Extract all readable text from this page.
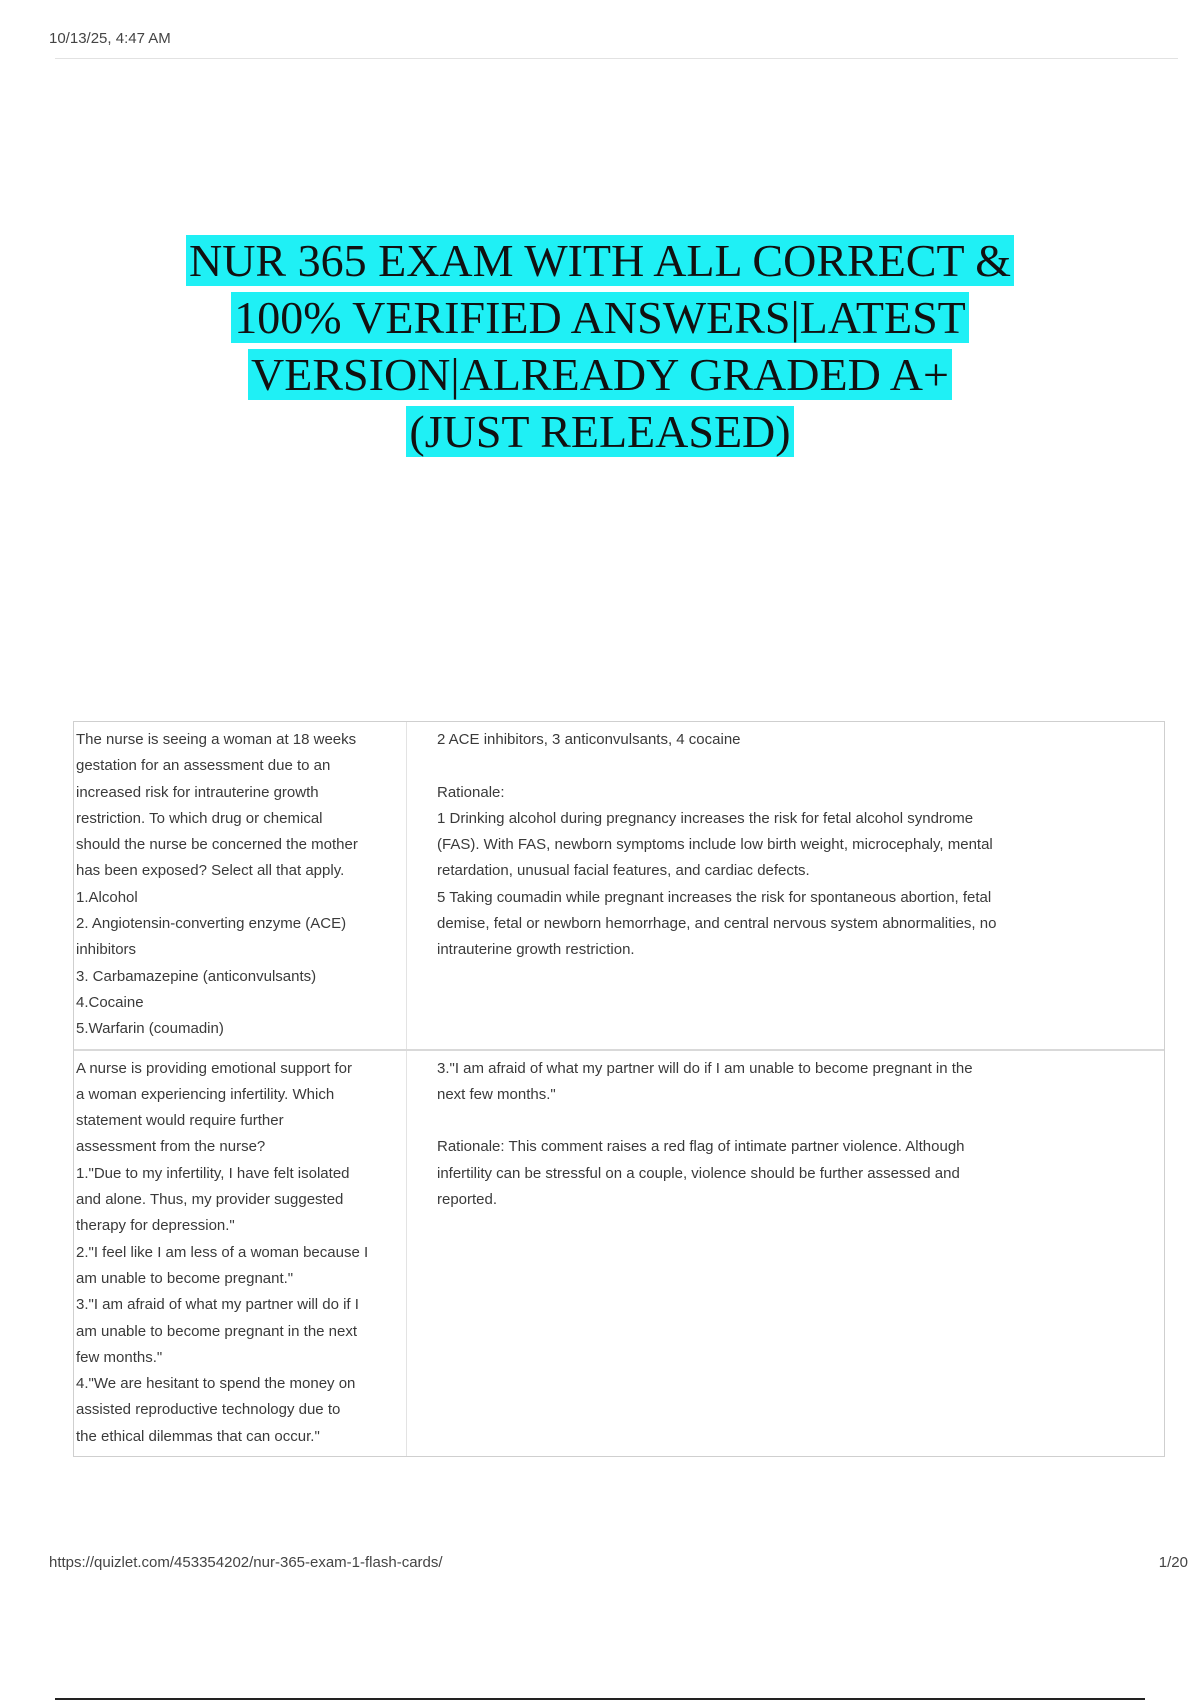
10/13/25, 4:47 AM
NUR 365 EXAM WITH ALL CORRECT &
100% VERIFIED ANSWERS|LATEST
VERSION|ALREADY GRADED A+
(JUST RELEASED)
The nurse is seeing a woman at 18 weeks
gestation for an assessment due to an
increased risk for intrauterine growth
restriction. To which drug or chemical
should the nurse be concerned the mother
has been exposed? Select all that apply.
1.Alcohol
2. Angiotensin-converting enzyme (ACE)
inhibitors
3. Carbamazepine (anticonvulsants)
4.Cocaine
5.Warfarin (coumadin)
2 ACE inhibitors, 3 anticonvulsants, 4 cocaine
Rationale:
1 Drinking alcohol during pregnancy increases the risk for fetal alcohol syndrome
(FAS). With FAS, newborn symptoms include low birth weight, microcephaly, mental
retardation, unusual facial features, and cardiac defects.
5 Taking coumadin while pregnant increases the risk for spontaneous abortion, fetal
demise, fetal or newborn hemorrhage, and central nervous system abnormalities, no
intrauterine growth restriction.
A nurse is providing emotional support for
a woman experiencing infertility. Which
statement would require further
assessment from the nurse?
1."Due to my infertility, I have felt isolated
and alone. Thus, my provider suggested
therapy for depression."
2."I feel like I am less of a woman because I
am unable to become pregnant."
3."I am afraid of what my partner will do if I
am unable to become pregnant in the next
few months."
4."We are hesitant to spend the money on
assisted reproductive technology due to
the ethical dilemmas that can occur."
3."I am afraid of what my partner will do if I am unable to become pregnant in the
next few months."
Rationale: This comment raises a red flag of intimate partner violence. Although
infertility can be stressful on a couple, violence should be further assessed and
reported.
https://quizlet.com/453354202/nur-365-exam-1-flash-cards/	1/20
